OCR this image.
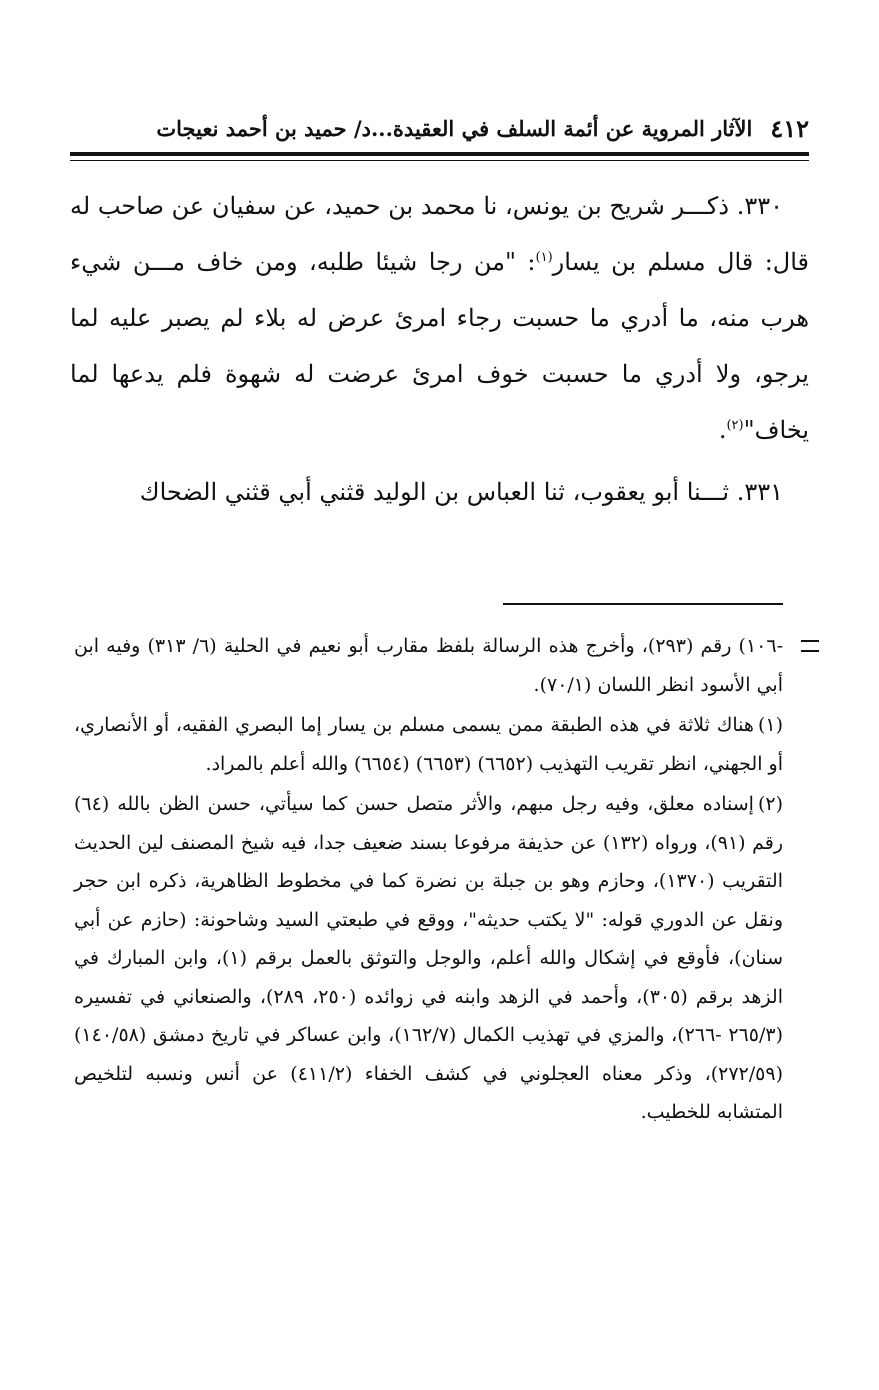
٤١٢
الآثار المروية عن أئمة السلف في العقيدة...د/ حميد بن أحمد نعيجات

٣٣٠. ذكـــر شريح بن يونس، نا محمد بن حميد، عن سفيان عن صاحب له قال: قال مسلم بن يسار$^{(١)}$: "من رجا شيئا طلبه، ومن خاف مـــن شيء هرب منه، ما أدري ما حسبت رجاء امرئ عرض له بلاء لم يصبر عليه لما يرجو، ولا أدري ما حسبت خوف امرئ عرضت له شهوة فلم يدعها لما يخاف"$^{(٢)}$.

٣٣١. ثـــنا أبو يعقوب، ثنا العباس بن الوليد قثني أبي قثني الضحاك

-١٠٦) رقم (٢٩٣)، وأخرج هذه الرسالة بلفظ مقارب أبو نعيم في الحلية (٦/ ٣١٣) وفيه ابن أبي الأسود انظر اللسان (٧٠/١).

(١)هناك ثلاثة في هذه الطبقة ممن يسمى مسلم بن يسار إما البصري الفقيه، أو الأنصاري، أو الجهني، انظر تقريب التهذيب (٦٦٥٢) (٦٦٥٣) (٦٦٥٤) والله أعلم بالمراد.

(٢)إسناده معلق، وفيه رجل مبهم، والأثر متصل حسن كما سيأتي، حسن الظن بالله (٦٤) رقم (٩١)، ورواه (١٣٢) عن حذيفة مرفوعا بسند ضعيف جدا، فيه شيخ المصنف لين الحديث التقريب (١٣٧٠)، وحازم وهو بن جبلة بن نضرة كما في مخطوط الظاهرية، ذكره ابن حجر ونقل عن الدوري قوله: "لا يكتب حديثه"، ووقع في طبعتي السيد وشاحونة: (حازم عن أبي سنان)، فأوقع في إشكال والله أعلم، والوجل والتوثق بالعمل برقم (١)، وابن المبارك في الزهد برقم (٣٠٥)، وأحمد في الزهد وابنه في زوائده (٢٥٠، ٢٨٩)، والصنعاني في تفسيره (٢٦٥/٣ -٢٦٦)، والمزي في تهذيب الكمال (١٦٢/٧)، وابن عساكر في تاريخ دمشق (١٤٠/٥٨) (٢٧٢/٥٩)، وذكر معناه العجلوني في كشف الخفاء (٤١١/٢) عن أنس ونسبه لتلخيص المتشابه للخطيب.
